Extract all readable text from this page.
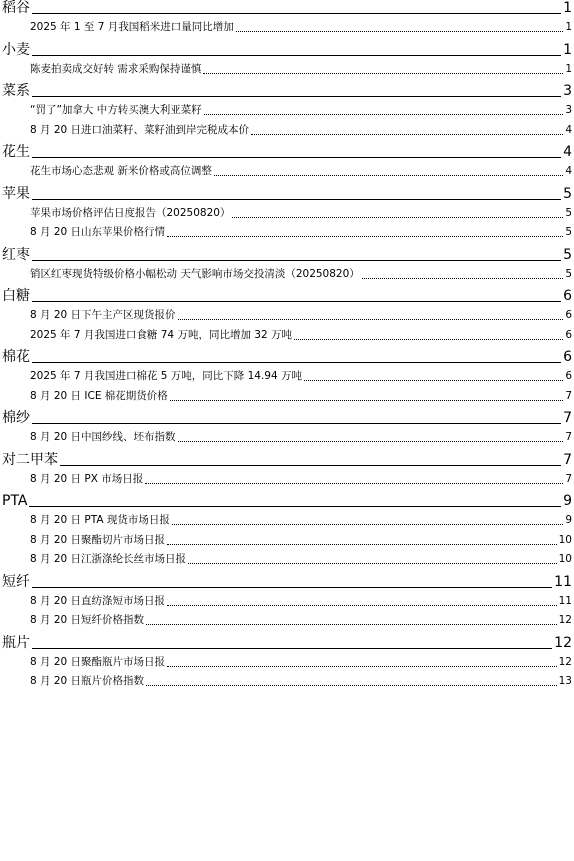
稻谷	1
2025 年 1 至 7 月我国稻米进口量同比增加	1
小麦	1
陈麦拍卖成交好转 需求采购保持谨慎	1
菜系	3
“罚了”加拿大 中方转买澳大利亚菜籽	3
8 月 20 日进口油菜籽、菜籽油到岸完税成本价	4
花生	4
花生市场心态悲观 新米价格或高位调整	4
苹果	5
苹果市场价格评估日度报告（20250820）	5
8 月 20 日山东苹果价格行情	5
红枣	5
销区红枣现货特级价格小幅松动 天气影响市场交投清淡（20250820）	5
白糖	6
8 月 20 日下午主产区现货报价	6
2025 年 7 月我国进口食糖 74 万吨，同比增加 32 万吨	6
棉花	6
2025 年 7 月我国进口棉花 5 万吨，同比下降 14.94 万吨	6
8 月 20 日 ICE 棉花期货价格	7
棉纱	7
8 月 20 日中国纱线、坯布指数	7
对二甲苯	7
8 月 20 日 PX 市场日报	7
PTA	9
8 月 20 日 PTA 现货市场日报	9
8 月 20 日聚酯切片市场日报	10
8 月 20 日江浙涤纶长丝市场日报	10
短纤	11
8 月 20 日直纺涤短市场日报	11
8 月 20 日短纤价格指数	12
瓶片	12
8 月 20 日聚酯瓶片市场日报	12
8 月 20 日瓶片价格指数	13
